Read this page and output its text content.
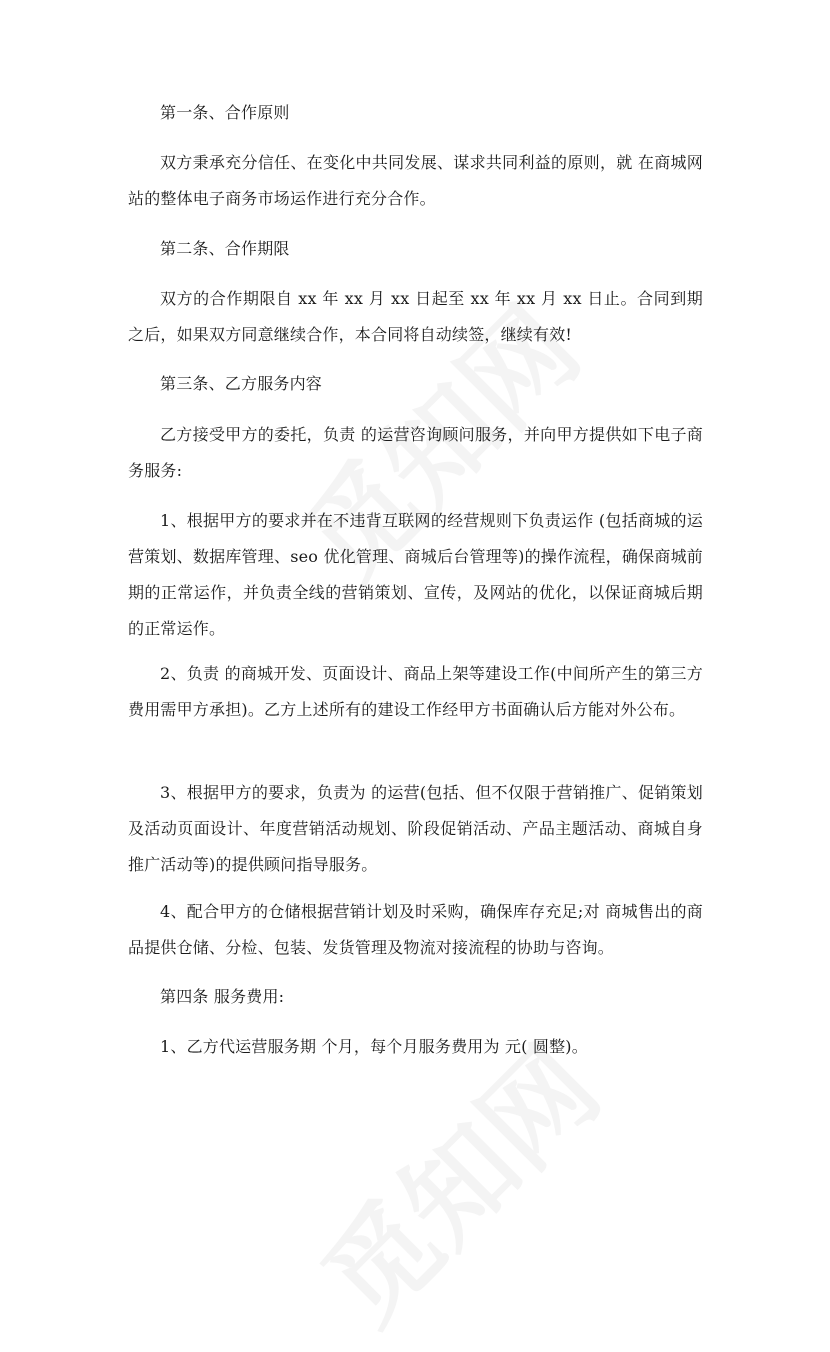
第一条、合作原则

双方秉承充分信任、在变化中共同发展、谋求共同利益的原则，就 在商城网站的整体电子商务市场运作进行充分合作。

第二条、合作期限

双方的合作期限自 xx 年 xx 月 xx 日起至 xx 年 xx 月 xx 日止。合同到期之后，如果双方同意继续合作，本合同将自动续签，继续有效!

第三条、乙方服务内容

乙方接受甲方的委托，负责 的运营咨询顾问服务，并向甲方提供如下电子商务服务:

1、根据甲方的要求并在不违背互联网的经营规则下负责运作 (包括商城的运营策划、数据库管理、seo 优化管理、商城后台管理等)的操作流程，确保商城前期的正常运作，并负责全线的营销策划、宣传，及网站的优化，以保证商城后期的正常运作。

2、负责 的商城开发、页面设计、商品上架等建设工作(中间所产生的第三方费用需甲方承担)。乙方上述所有的建设工作经甲方书面确认后方能对外公布。

3、根据甲方的要求，负责为 的运营(包括、但不仅限于营销推广、促销策划及活动页面设计、年度营销活动规划、阶段促销活动、产品主题活动、商城自身推广活动等)的提供顾问指导服务。

4、配合甲方的仓储根据营销计划及时采购，确保库存充足;对 商城售出的商品提供仓储、分检、包装、发货管理及物流对接流程的协助与咨询。

第四条 服务费用:

1、乙方代运营服务期 个月，每个月服务费用为 元( 圆整)。
